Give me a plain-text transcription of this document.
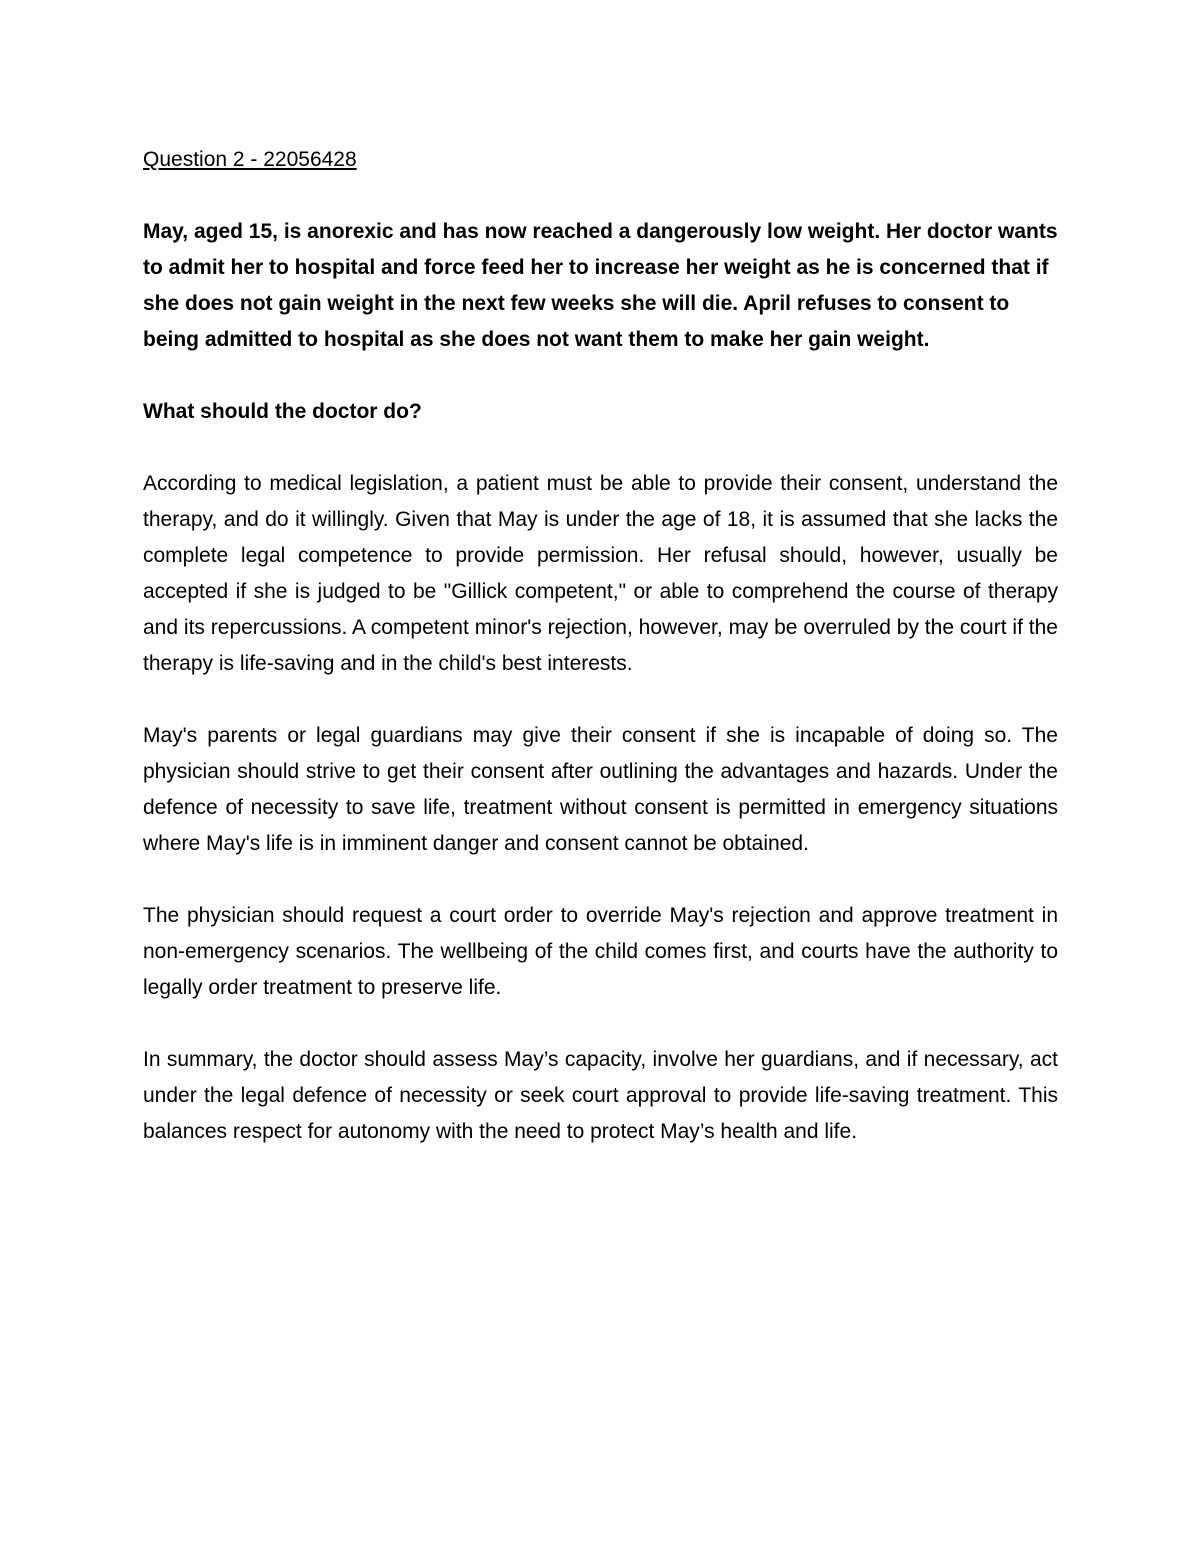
Question 2 - 22056428

May, aged 15, is anorexic and has now reached a dangerously low weight. Her doctor wants to admit her to hospital and force feed her to increase her weight as he is concerned that if she does not gain weight in the next few weeks she will die. April refuses to consent to being admitted to hospital as she does not want them to make her gain weight.

What should the doctor do?

According to medical legislation, a patient must be able to provide their consent, understand the therapy, and do it willingly. Given that May is under the age of 18, it is assumed that she lacks the complete legal competence to provide permission. Her refusal should, however, usually be accepted if she is judged to be "Gillick competent," or able to comprehend the course of therapy and its repercussions. A competent minor's rejection, however, may be overruled by the court if the therapy is life-saving and in the child's best interests.

May's parents or legal guardians may give their consent if she is incapable of doing so. The physician should strive to get their consent after outlining the advantages and hazards. Under the defence of necessity to save life, treatment without consent is permitted in emergency situations where May's life is in imminent danger and consent cannot be obtained.

The physician should request a court order to override May's rejection and approve treatment in non-emergency scenarios. The wellbeing of the child comes first, and courts have the authority to legally order treatment to preserve life.

In summary, the doctor should assess May’s capacity, involve her guardians, and if necessary, act under the legal defence of necessity or seek court approval to provide life-saving treatment. This balances respect for autonomy with the need to protect May’s health and life.
